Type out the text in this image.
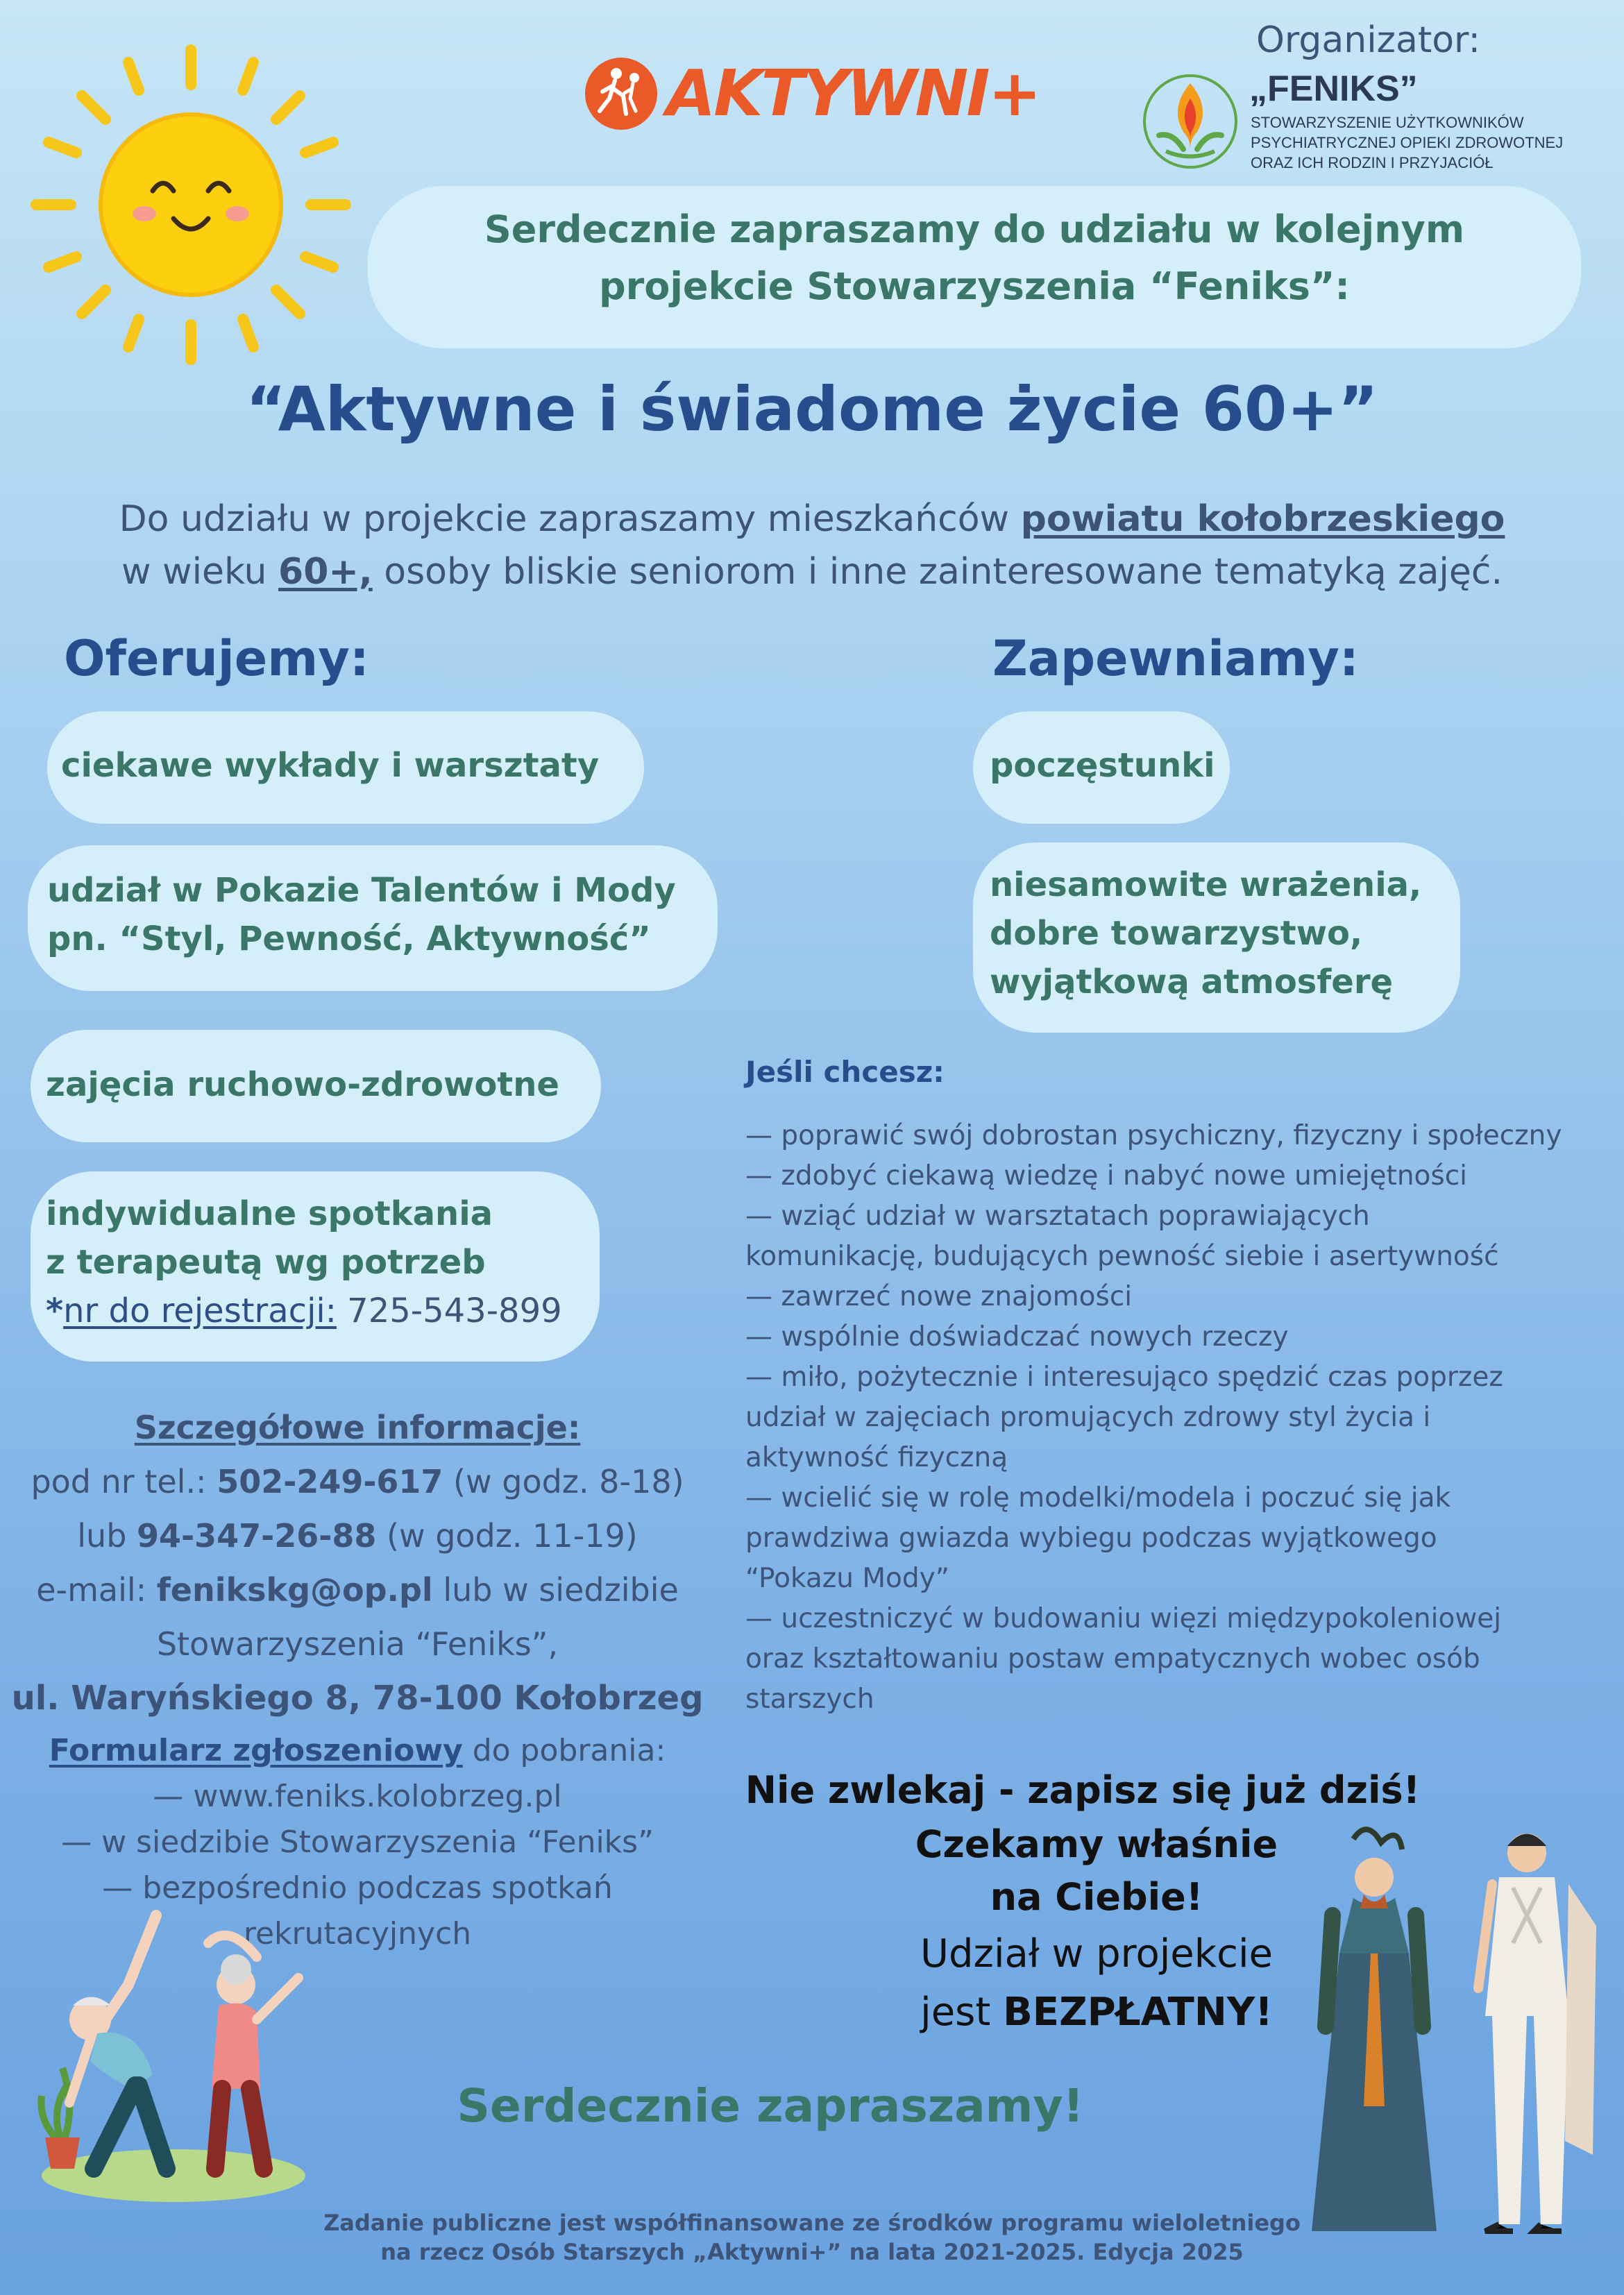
AKTYWNI+
Organizator:
„FENIKS”
STOWARZYSZENIE UŻYTKOWNIKÓW
PSYCHIATRYCZNEJ OPIEKI ZDROWOTNEJ
ORAZ ICH RODZIN I PRZYJACIÓŁ
Serdecznie zapraszamy do udziału w kolejnym
projekcie Stowarzyszenia “Feniks”:
“Aktywne i świadome życie 60+”
Do udziału w projekcie zapraszamy mieszkańców powiatu kołobrzeskiego
w wieku 60+, osoby bliskie seniorom i inne zainteresowane tematyką zajęć.
Oferujemy:	Zapewniamy:
ciekawe wykłady i warsztaty
udział w Pokazie Talentów i Mody
pn. “Styl, Pewność, Aktywność”
zajęcia ruchowo-zdrowotne
indywidualne spotkania
z terapeutą wg potrzeb
*nr do rejestracji: 725-543-899
poczęstunki
niesamowite wrażenia,
dobre towarzystwo,
wyjątkową atmosferę
Jeśli chcesz:
— poprawić swój dobrostan psychiczny, fizyczny i społeczny
— zdobyć ciekawą wiedzę i nabyć nowe umiejętności
— wziąć udział w warsztatach poprawiających
komunikację, budujących pewność siebie i asertywność
— zawrzeć nowe znajomości
— wspólnie doświadczać nowych rzeczy
— miło, pożytecznie i interesująco spędzić czas poprzez
udział w zajęciach promujących zdrowy styl życia i
aktywność fizyczną
— wcielić się w rolę modelki/modela i poczuć się jak
prawdziwa gwiazda wybiegu podczas wyjątkowego
“Pokazu Mody”
— uczestniczyć w budowaniu więzi międzypokoleniowej
oraz kształtowaniu postaw empatycznych wobec osób
starszych
Szczegółowe informacje:
pod nr tel.: 502-249-617 (w godz. 8-18)
lub 94-347-26-88 (w godz. 11-19)
e-mail: fenikskg@op.pl lub w siedzibie
Stowarzyszenia “Feniks”,
ul. Waryńskiego 8, 78-100 Kołobrzeg
Formularz zgłoszeniowy do pobrania:
— www.feniks.kolobrzeg.pl
— w siedzibie Stowarzyszenia “Feniks”
— bezpośrednio podczas spotkań
rekrutacyjnych
Nie zwlekaj - zapisz się już dziś!
Czekamy właśnie
na Ciebie!
Udział w projekcie
jest BEZPŁATNY!
Serdecznie zapraszamy!
Zadanie publiczne jest współfinansowane ze środków programu wieloletniego
na rzecz Osób Starszych „Aktywni+” na lata 2021-2025. Edycja 2025
